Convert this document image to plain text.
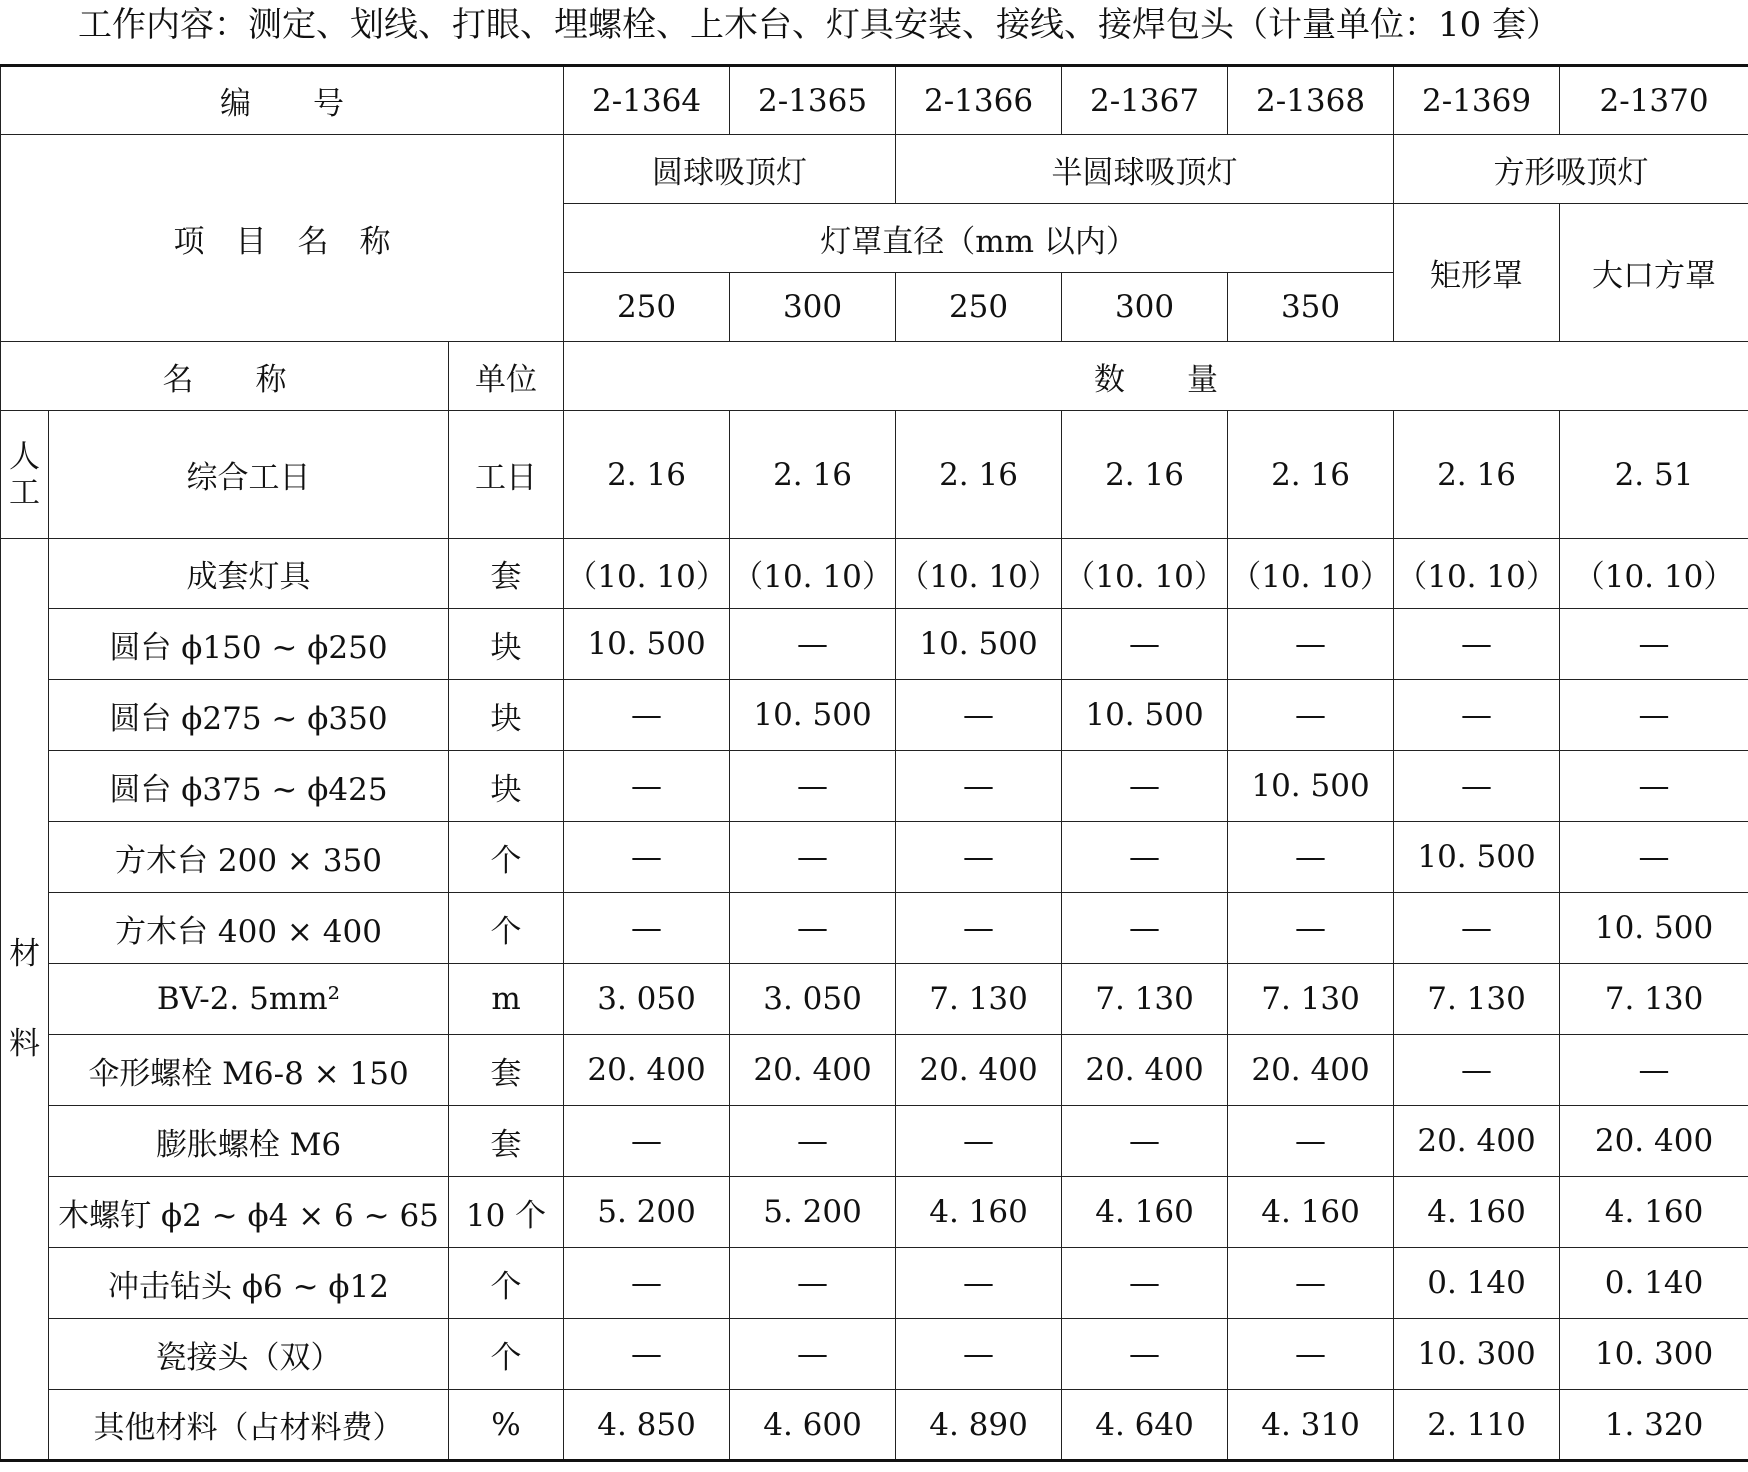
工作内容：测定、划线、打眼、埋螺栓、上木台、灯具安装、接线、接焊包头（计量单位：10 套）
编　　号			2-1364	2-1365	2-1366	2-1367	2-1368	2-1369	2-1370
项　目　名　称			圆球吸顶灯		半圆球吸顶灯			方形吸顶灯	
			灯罩直径（mm 以内）					矩形罩	大口方罩
			250	300	250	300	350		
名　　称		单位	数　　量						
人
工	综合工日	工日	2. 16	2. 16	2. 16	2. 16	2. 16	2. 16	2. 51
材
料	成套灯具	套	（10. 10）	（10. 10）	（10. 10）	（10. 10）	（10. 10）	（10. 10）	（10. 10）
	圆台 ϕ150 ~ ϕ250	块	10. 500	—	10. 500	—	—	—	—
	圆台 ϕ275 ~ ϕ350	块	—	10. 500	—	10. 500	—	—	—
	圆台 ϕ375 ~ ϕ425	块	—	—	—	—	10. 500	—	—
	方木台 200 × 350	个	—	—	—	—	—	10. 500	—
	方木台 400 × 400	个	—	—	—	—	—	—	10. 500
	BV-2. 5mm²	m	3. 050	3. 050	7. 130	7. 130	7. 130	7. 130	7. 130
	伞形螺栓 M6-8 × 150	套	20. 400	20. 400	20. 400	20. 400	20. 400	—	—
	膨胀螺栓 M6	套	—	—	—	—	—	20. 400	20. 400
	木螺钉 ϕ2 ~ ϕ4 × 6 ~ 65	10 个	5. 200	5. 200	4. 160	4. 160	4. 160	4. 160	4. 160
	冲击钻头 ϕ6 ~ ϕ12	个	—	—	—	—	—	0. 140	0. 140
	瓷接头（双）	个	—	—	—	—	—	10. 300	10. 300
	其他材料（占材料费）	%	4. 850	4. 600	4. 890	4. 640	4. 310	2. 110	1. 320
